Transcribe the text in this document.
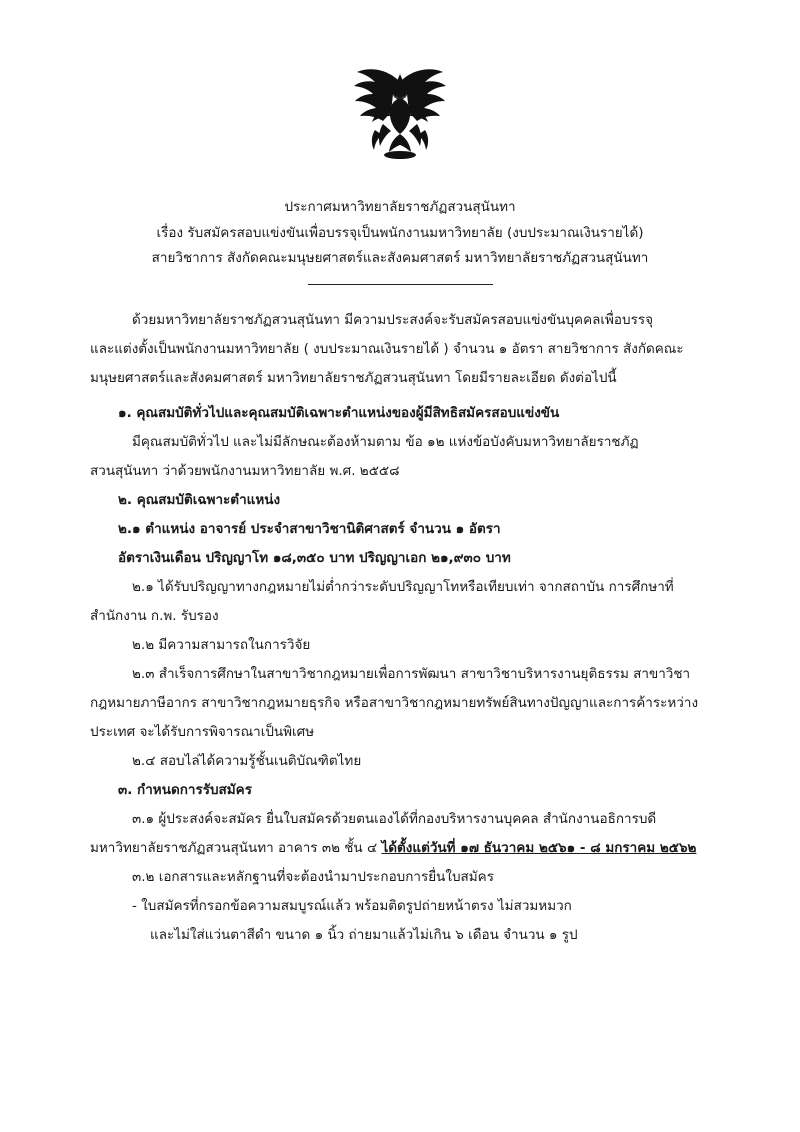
ประกาศมหาวิทยาลัยราชภัฏสวนสุนันทา
เรื่อง รับสมัครสอบแข่งขันเพื่อบรรจุเป็นพนักงานมหาวิทยาลัย (งบประมาณเงินรายได้)
สายวิชาการ สังกัดคณะมนุษยศาสตร์และสังคมศาสตร์ มหาวิทยาลัยราชภัฏสวนสุนันทา

ด้วยมหาวิทยาลัยราชภัฏสวนสุนันทา มีความประสงค์จะรับสมัครสอบแข่งขันบุคคลเพื่อบรรจุ

และแต่งตั้งเป็นพนักงานมหาวิทยาลัย ( งบประมาณเงินรายได้ ) จำนวน ๑ อัตรา สายวิชาการ สังกัดคณะ

มนุษยศาสตร์และสังคมศาสตร์ มหาวิทยาลัยราชภัฏสวนสุนันทา โดยมีรายละเอียด ดังต่อไปนี้

๑. คุณสมบัติทั่วไปและคุณสมบัติเฉพาะตำแหน่งของผู้มีสิทธิสมัครสอบแข่งขัน

มีคุณสมบัติทั่วไป และไม่มีลักษณะต้องห้ามตาม ข้อ ๑๒ แห่งข้อบังคับมหาวิทยาลัยราชภัฏ

สวนสุนันทา ว่าด้วยพนักงานมหาวิทยาลัย พ.ศ. ๒๕๕๘

๒. คุณสมบัติเฉพาะตำแหน่ง

๒.๑ ตำแหน่ง อาจารย์ ประจำสาขาวิชานิติศาสตร์ จำนวน ๑ อัตรา

อัตราเงินเดือน ปริญญาโท ๑๘,๓๕๐ บาท ปริญญาเอก ๒๑,๙๓๐ บาท

๒.๑ ได้รับปริญญาทางกฎหมายไม่ต่ำกว่าระดับปริญญาโทหรือเทียบเท่า จากสถาบัน การศึกษาที่

สำนักงาน ก.พ. รับรอง

๒.๒ มีความสามารถในการวิจัย

๒.๓ สำเร็จการศึกษาในสาขาวิชากฎหมายเพื่อการพัฒนา สาขาวิชาบริหารงานยุติธรรม สาขาวิชา

กฎหมายภาษีอากร สาขาวิชากฎหมายธุรกิจ หรือสาขาวิชากฎหมายทรัพย์สินทางปัญญาและการค้าระหว่าง

ประเทศ จะได้รับการพิจารณาเป็นพิเศษ

๒.๔ สอบไล่ได้ความรู้ชั้นเนติบัณฑิตไทย

๓. กำหนดการรับสมัคร

๓.๑ ผู้ประสงค์จะสมัคร ยื่นใบสมัครด้วยตนเองได้ที่กองบริหารงานบุคคล สำนักงานอธิการบดี

มหาวิทยาลัยราชภัฏสวนสุนันทา อาคาร ๓๒ ชั้น ๔ ได้ตั้งแต่วันที่ ๑๗ ธันวาคม ๒๕๖๑ - ๘ มกราคม ๒๕๖๒

๓.๒ เอกสารและหลักฐานที่จะต้องนำมาประกอบการยื่นใบสมัคร

- ใบสมัครที่กรอกข้อความสมบูรณ์แล้ว พร้อมติดรูปถ่ายหน้าตรง ไม่สวมหมวก

และไม่ใส่แว่นตาสีดำ ขนาด ๑ นิ้ว ถ่ายมาแล้วไม่เกิน ๖ เดือน จำนวน ๑ รูป
